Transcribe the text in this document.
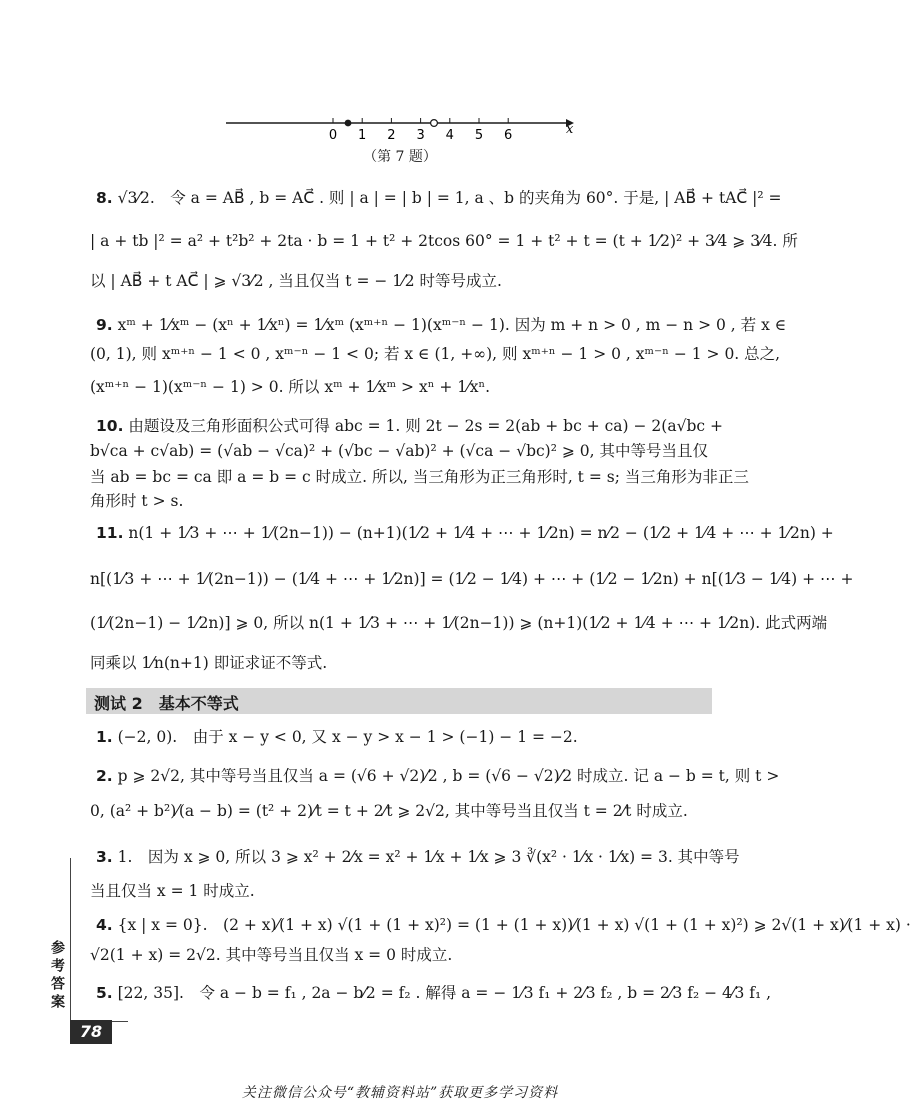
0 1 2 3 4 5 6	x
（第 7 题）
8. √3⁄2.　令 a = AB⃗ , b = AC⃗ . 则 | a | = | b | = 1, a 、b 的夹角为 60°. 于是, | AB⃗ + tAC⃗ |² =
| a + tb |² = a² + t²b² + 2ta · b = 1 + t² + 2tcos 60° = 1 + t² + t = (t + 1⁄2)² + 3⁄4 ⩾ 3⁄4. 所
以 | AB⃗ + t AC⃗ | ⩾ √3⁄2 , 当且仅当 t = − 1⁄2 时等号成立.
9. xᵐ + 1⁄xᵐ − (xⁿ + 1⁄xⁿ) = 1⁄xᵐ (xᵐ⁺ⁿ − 1)(xᵐ⁻ⁿ − 1). 因为 m + n > 0 , m − n > 0 , 若 x ∈
(0, 1), 则 xᵐ⁺ⁿ − 1 < 0 , xᵐ⁻ⁿ − 1 < 0; 若 x ∈ (1, +∞), 则 xᵐ⁺ⁿ − 1 > 0 , xᵐ⁻ⁿ − 1 > 0. 总之,
(xᵐ⁺ⁿ − 1)(xᵐ⁻ⁿ − 1) > 0. 所以 xᵐ + 1⁄xᵐ > xⁿ + 1⁄xⁿ.
10. 由题设及三角形面积公式可得 abc = 1. 则 2t − 2s = 2(ab + bc + ca) − 2(a√bc +
b√ca + c√ab) = (√ab − √ca)² + (√bc − √ab)² + (√ca − √bc)² ⩾ 0, 其中等号当且仅
当 ab = bc = ca 即 a = b = c 时成立. 所以, 当三角形为正三角形时, t = s; 当三角形为非正三
角形时 t > s.
11. n(1 + 1⁄3 + ⋯ + 1⁄(2n−1)) − (n+1)(1⁄2 + 1⁄4 + ⋯ + 1⁄2n) = n⁄2 − (1⁄2 + 1⁄4 + ⋯ + 1⁄2n) +
n[(1⁄3 + ⋯ + 1⁄(2n−1)) − (1⁄4 + ⋯ + 1⁄2n)] = (1⁄2 − 1⁄4) + ⋯ + (1⁄2 − 1⁄2n) + n[(1⁄3 − 1⁄4) + ⋯ +
(1⁄(2n−1) − 1⁄2n)] ⩾ 0, 所以 n(1 + 1⁄3 + ⋯ + 1⁄(2n−1)) ⩾ (n+1)(1⁄2 + 1⁄4 + ⋯ + 1⁄2n). 此式两端
同乘以 1⁄n(n+1) 即证求证不等式.
测试 2　基本不等式
1. (−2, 0).　由于 x − y < 0, 又 x − y > x − 1 > (−1) − 1 = −2.
2. p ⩾ 2√2, 其中等号当且仅当 a = (√6 + √2)⁄2 , b = (√6 − √2)⁄2 时成立. 记 a − b = t, 则 t >
0, (a² + b²)⁄(a − b) = (t² + 2)⁄t = t + 2⁄t ⩾ 2√2, 其中等号当且仅当 t = 2⁄t 时成立.
3. 1.　因为 x ⩾ 0, 所以 3 ⩾ x² + 2⁄x = x² + 1⁄x + 1⁄x ⩾ 3 ∛(x² · 1⁄x · 1⁄x) = 3. 其中等号
当且仅当 x = 1 时成立.
4. {x | x = 0}.　(2 + x)⁄(1 + x) √(1 + (1 + x)²) = (1 + (1 + x))⁄(1 + x) √(1 + (1 + x)²) ⩾ 2√(1 + x)⁄(1 + x) ·
√2(1 + x) = 2√2. 其中等号当且仅当 x = 0 时成立.
5. [22, 35].　令 a − b = f₁ , 2a − b⁄2 = f₂ . 解得 a = − 1⁄3 f₁ + 2⁄3 f₂ , b = 2⁄3 f₂ − 4⁄3 f₁ ,
参考答案
78
关注微信公众号“教辅资料站”获取更多学习资料
